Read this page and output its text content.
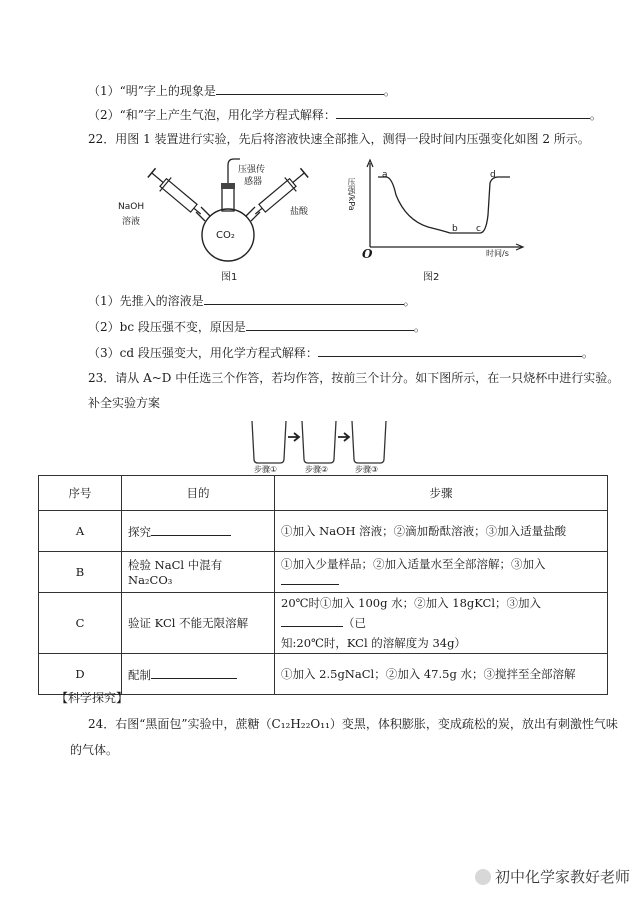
（1）“明”字上的现象是	。
（2）“和”字上产生气泡，用化学方程式解释：	。
22．用图 1 装置进行实验，先后将溶液快速全部推入，测得一段时间内压强变化如图 2 所示。
NaOH
溶液
压强传
感器
盐酸
CO₂
图1
压强/kPa
时间/s
O
a
b c
d
图2
（1）先推入的溶液是	。
（2）bc 段压强不变，原因是	。
（3）cd 段压强变大，用化学方程式解释：	。
23．请从 A~D 中任选三个作答，若均作答，按前三个计分。如下图所示，在一只烧杯中进行实验。
补全实验方案
步骤①	步骤②	步骤③
序号	目的	步骤
A	探究	①加入 NaOH 溶液；②滴加酚酞溶液；③加入适量盐酸
B	检验 NaCl 中混有 Na₂CO₃	①加入少量样品；②加入适量水至全部溶解；③加入
C	验证 KCl 不能无限溶解	20℃时①加入 100g 水；②加入 18gKCl；③加入（已
知:20℃时，KCl 的溶解度为 34g）
D	配制	①加入 2.5gNaCl；②加入 47.5g 水；③搅拌至全部溶解
【科学探究】
24．右图“黑面包”实验中，蔗糖（C₁₂H₂₂O₁₁）变黑，体积膨胀，变成疏松的炭，放出有刺激性气味
的气体。
初中化学家教好老师
